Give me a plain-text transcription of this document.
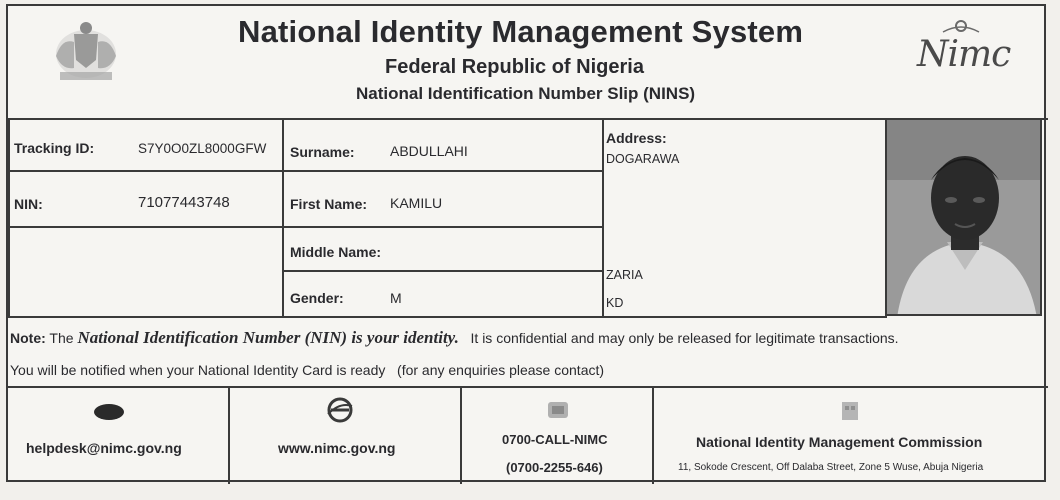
National Identity Management System
Federal Republic of Nigeria
National Identification Number Slip (NINS)
Nimc
Tracking ID:	S7Y0O0ZL8000GFW
NIN:	71077443748
Surname:	ABDULLAHI
First Name: KAMILU
Middle Name:
Gender:	M
Address:
DOGARAWA
ZARIA
KD
Note: The National Identification Number (NIN) is your identity. It is confidential and may only be released for legitimate transactions.
You will be notified when your National Identity Card is ready   (for any enquiries please contact)
helpdesk@nimc.gov.ng	www.nimc.gov.ng
0700-CALL-NIMC
(0700-2255-646)
National Identity Management Commission
11, Sokode Crescent, Off Dalaba Street, Zone 5 Wuse, Abuja Nigeria
